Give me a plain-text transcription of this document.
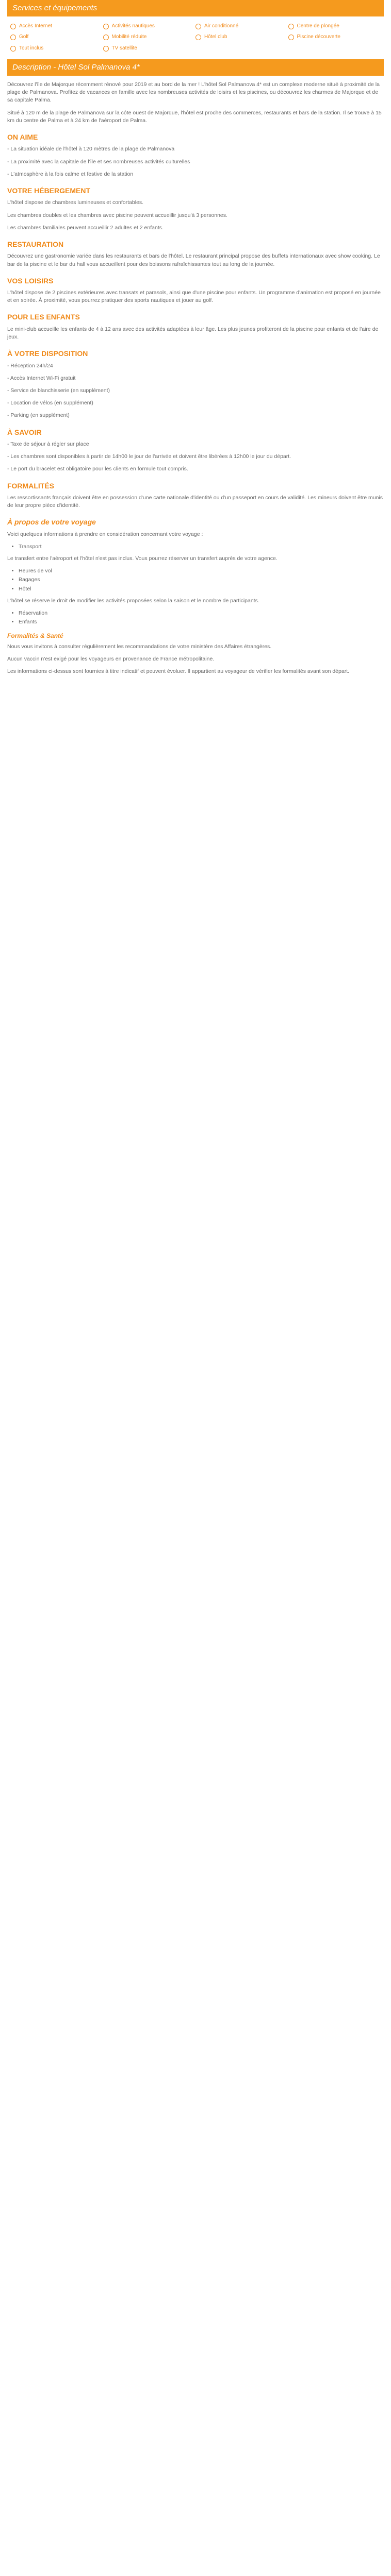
Services et équipements
Accès Internet	Activités nautiques	Air conditionné	Centre de plongée
Golf	Mobilité réduite	Hôtel club	Piscine découverte
Tout inclus	TV satellite
Description - Hôtel Sol Palmanova 4*

Découvrez l'île de Majorque récemment rénové pour 2019 et au bord de la mer ! L'hôtel Sol Palmanova 4* est un complexe moderne situé à proximité de la plage de Palmanova. Profitez de vacances en famille avec les nombreuses activités de loisirs et les piscines, ou découvrez les charmes de Majorque et de sa capitale Palma.

Situé à 120 m de la plage de Palmanova sur la côte ouest de Majorque, l'hôtel est proche des commerces, restaurants et bars de la station. Il se trouve à 15 km du centre de Palma et à 24 km de l'aéroport de Palma.

ON AIME

- La situation idéale de l'hôtel à 120 mètres de la plage de Palmanova

- La proximité avec la capitale de l'île et ses nombreuses activités culturelles

- L'atmosphère à la fois calme et festive de la station

VOTRE HÉBERGEMENT

L'hôtel dispose de chambres lumineuses et confortables.

Les chambres doubles et les chambres avec piscine peuvent accueillir jusqu'à 3 personnes.

Les chambres familiales peuvent accueillir 2 adultes et 2 enfants.

RESTAURATION

Découvrez une gastronomie variée dans les restaurants et bars de l'hôtel. Le restaurant principal propose des buffets internationaux avec show cooking. Le bar de la piscine et le bar du hall vous accueillent pour des boissons rafraîchissantes tout au long de la journée.

VOS LOISIRS

L'hôtel dispose de 2 piscines extérieures avec transats et parasols, ainsi que d'une piscine pour enfants. Un programme d'animation est proposé en journée et en soirée. À proximité, vous pourrez pratiquer des sports nautiques et jouer au golf.

POUR LES ENFANTS

Le mini-club accueille les enfants de 4 à 12 ans avec des activités adaptées à leur âge. Les plus jeunes profiteront de la piscine pour enfants et de l'aire de jeux.

À VOTRE DISPOSITION

- Réception 24h/24

- Accès Internet Wi-Fi gratuit

- Service de blanchisserie (en supplément)

- Location de vélos (en supplément)

- Parking (en supplément)

À SAVOIR

- Taxe de séjour à régler sur place

- Les chambres sont disponibles à partir de 14h00 le jour de l'arrivée et doivent être libérées à 12h00 le jour du départ.

- Le port du bracelet est obligatoire pour les clients en formule tout compris.

FORMALITÉS

Les ressortissants français doivent être en possession d'une carte nationale d'identité ou d'un passeport en cours de validité. Les mineurs doivent être munis de leur propre pièce d'identité.

À propos de votre voyage

Voici quelques informations à prendre en considération concernant votre voyage :

• Transport

Le transfert entre l'aéroport et l'hôtel n'est pas inclus. Vous pourrez réserver un transfert auprès de votre agence.

• Heures de vol
• Bagages
• Hôtel

L'hôtel se réserve le droit de modifier les activités proposées selon la saison et le nombre de participants.

• Réservation
• Enfants
Formalités & Santé

Nous vous invitons à consulter régulièrement les recommandations de votre ministère des Affaires étrangères.

Aucun vaccin n'est exigé pour les voyageurs en provenance de France métropolitaine.

Les informations ci-dessus sont fournies à titre indicatif et peuvent évoluer. Il appartient au voyageur de vérifier les formalités avant son départ.
